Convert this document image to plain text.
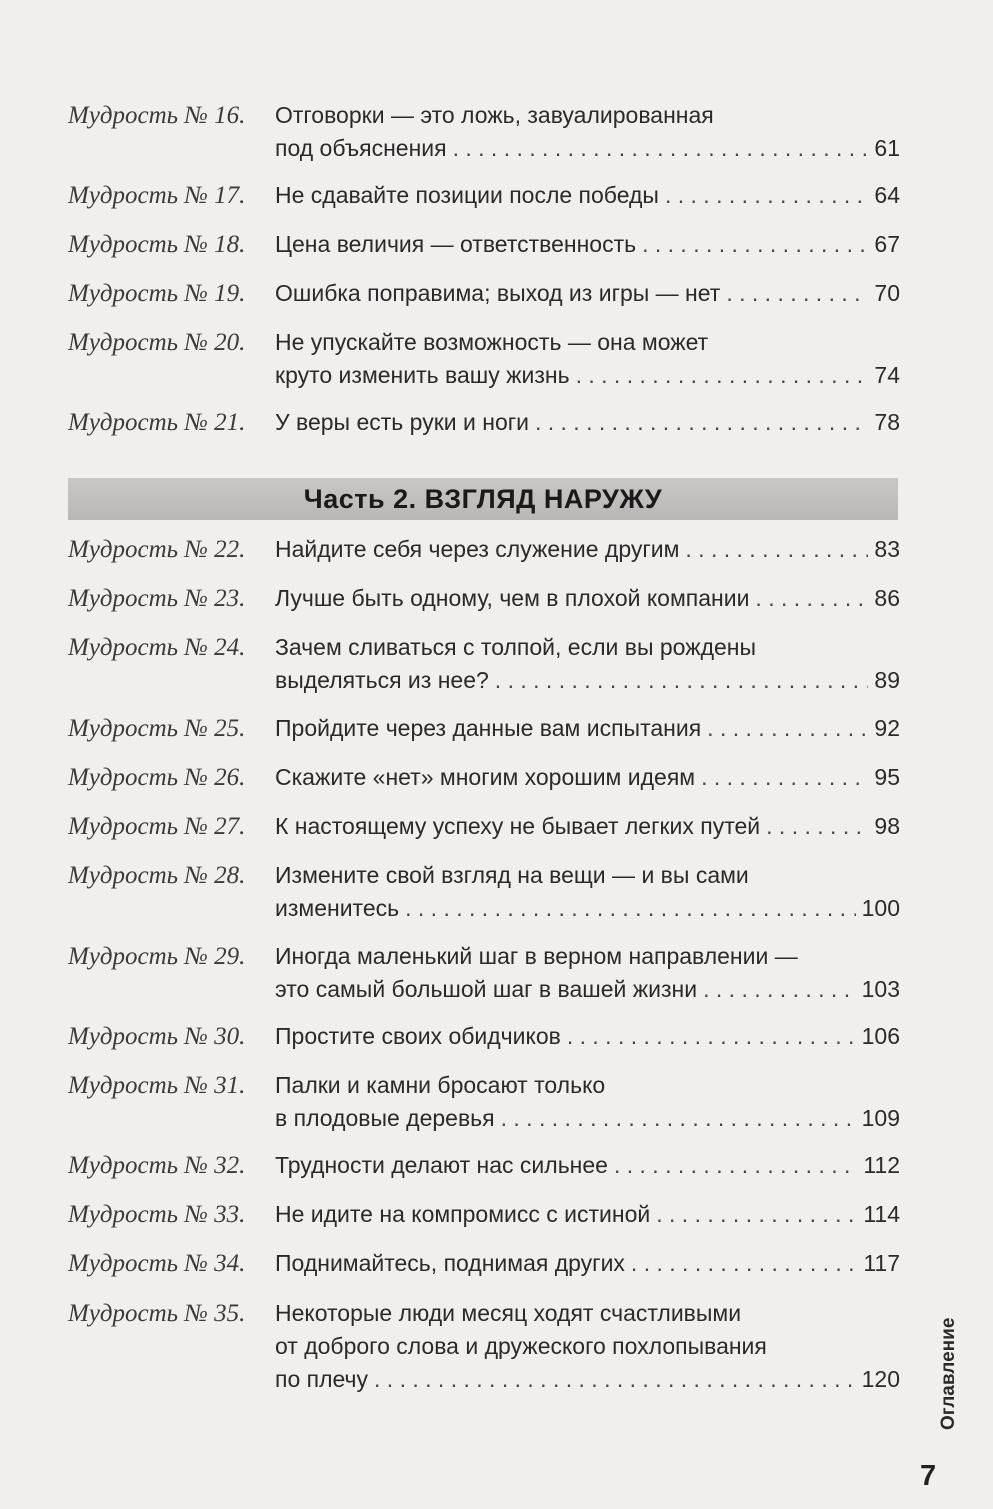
Часть 2. ВЗГЛЯД НАРУЖУ
Мудрость № 16. Отговорки — это ложь, завуалированная
под объяснения . . .	61
Мудрость № 17. Не сдавайте позиции после победы . . .	64
Мудрость № 18. Цена величия — ответственность . . .	67
Мудрость № 19. Ошибка поправима; выход из игры — нет . . .	70
Мудрость № 20. Не упускайте возможность — она может
круто изменить вашу жизнь . . .	74
Мудрость № 21. У веры есть руки и ноги . . .	78
Мудрость № 22. Найдите себя через служение другим . . .	83
Мудрость № 23. Лучше быть одному, чем в плохой компании . . .	86
Мудрость № 24. Зачем сливаться с толпой, если вы рождены
выделяться из нее? . . .	89
Мудрость № 25. Пройдите через данные вам испытания . . .	92
Мудрость № 26. Скажите «нет» многим хорошим идеям . . .	95
Мудрость № 27. К настоящему успеху не бывает легких путей . . .	98
Мудрость № 28. Измените свой взгляд на вещи — и вы сами
изменитесь . . .	100
Мудрость № 29. Иногда маленький шаг в верном направлении —
это самый большой шаг в вашей жизни . . .	103
Мудрость № 30. Простите своих обидчиков . . .	106
Мудрость № 31. Палки и камни бросают только
в плодовые деревья . . .	109
Мудрость № 32. Трудности делают нас сильнее . . .	112
Мудрость № 33. Не идите на компромисс с истиной . . .	114
Мудрость № 34. Поднимайтесь, поднимая других . . .	117
Мудрость № 35. Некоторые люди месяц ходят счастливыми
от доброго слова и дружеского похлопывания
по плечу . . .	120 Оглавление
7
